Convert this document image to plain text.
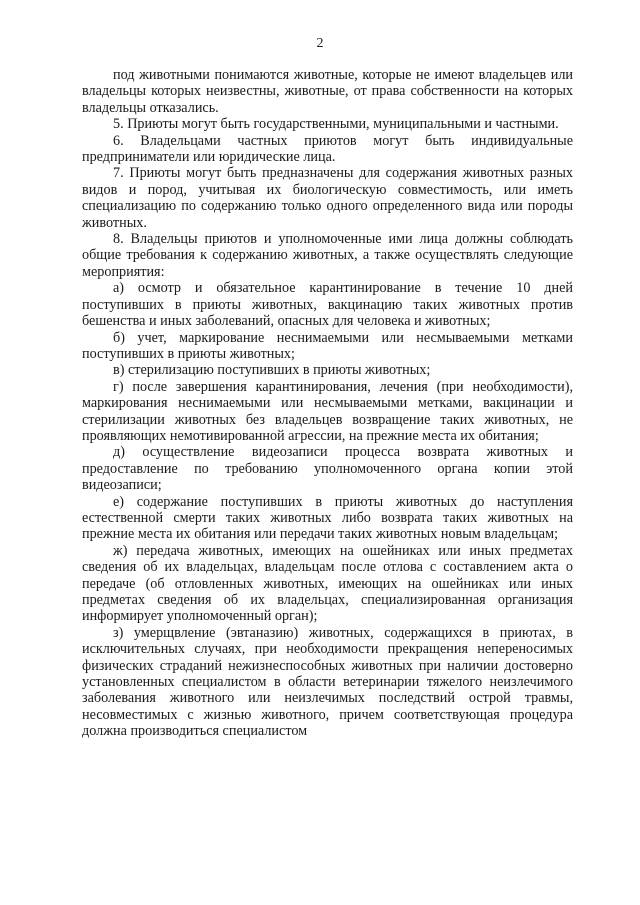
2

под животными понимаются животные, которые не имеют владельцев или владельцы которых неизвестны, животные, от права собственности на которых владельцы отказались.

5. Приюты могут быть государственными, муниципальными и частными.

6. Владельцами частных приютов могут быть индивидуальные предприниматели или юридические лица.

7. Приюты могут быть предназначены для содержания животных разных видов и пород, учитывая их биологическую совместимость, или иметь специализацию по содержанию только одного определенного вида или породы животных.

8. Владельцы приютов и уполномоченные ими лица должны соблюдать общие требования к содержанию животных, а также осуществлять следующие мероприятия:

а) осмотр и обязательное карантинирование в течение 10 дней поступивших в приюты животных, вакцинацию таких животных против бешенства и иных заболеваний, опасных для человека и животных;

б) учет, маркирование неснимаемыми или несмываемыми метками поступивших в приюты животных;

в) стерилизацию поступивших в приюты животных;

г) после завершения карантинирования, лечения (при необходимости), маркирования неснимаемыми или несмываемыми метками, вакцинации и стерилизации животных без владельцев возвращение таких животных, не проявляющих немотивированной агрессии, на прежние места их обитания;

д) осуществление видеозаписи процесса возврата животных и предоставление по требованию уполномоченного органа копии этой видеозаписи;

е) содержание поступивших в приюты животных до наступления естественной смерти таких животных либо возврата таких животных на прежние места их обитания или передачи таких животных новым владельцам;

ж) передача животных, имеющих на ошейниках или иных предметах сведения об их владельцах, владельцам после отлова с составлением акта о передаче (об отловленных животных, имеющих на ошейниках или иных предметах сведения об их владельцах, специализированная организация информирует уполномоченный орган);

з) умерщвление (эвтаназию) животных, содержащихся в приютах, в исключительных случаях, при необходимости прекращения непереносимых физических страданий нежизнеспособных животных при наличии достоверно установленных специалистом в области ветеринарии тяжелого неизлечимого заболевания животного или неизлечимых последствий острой травмы, несовместимых с жизнью животного, причем соответствующая процедура должна производиться специалистом
